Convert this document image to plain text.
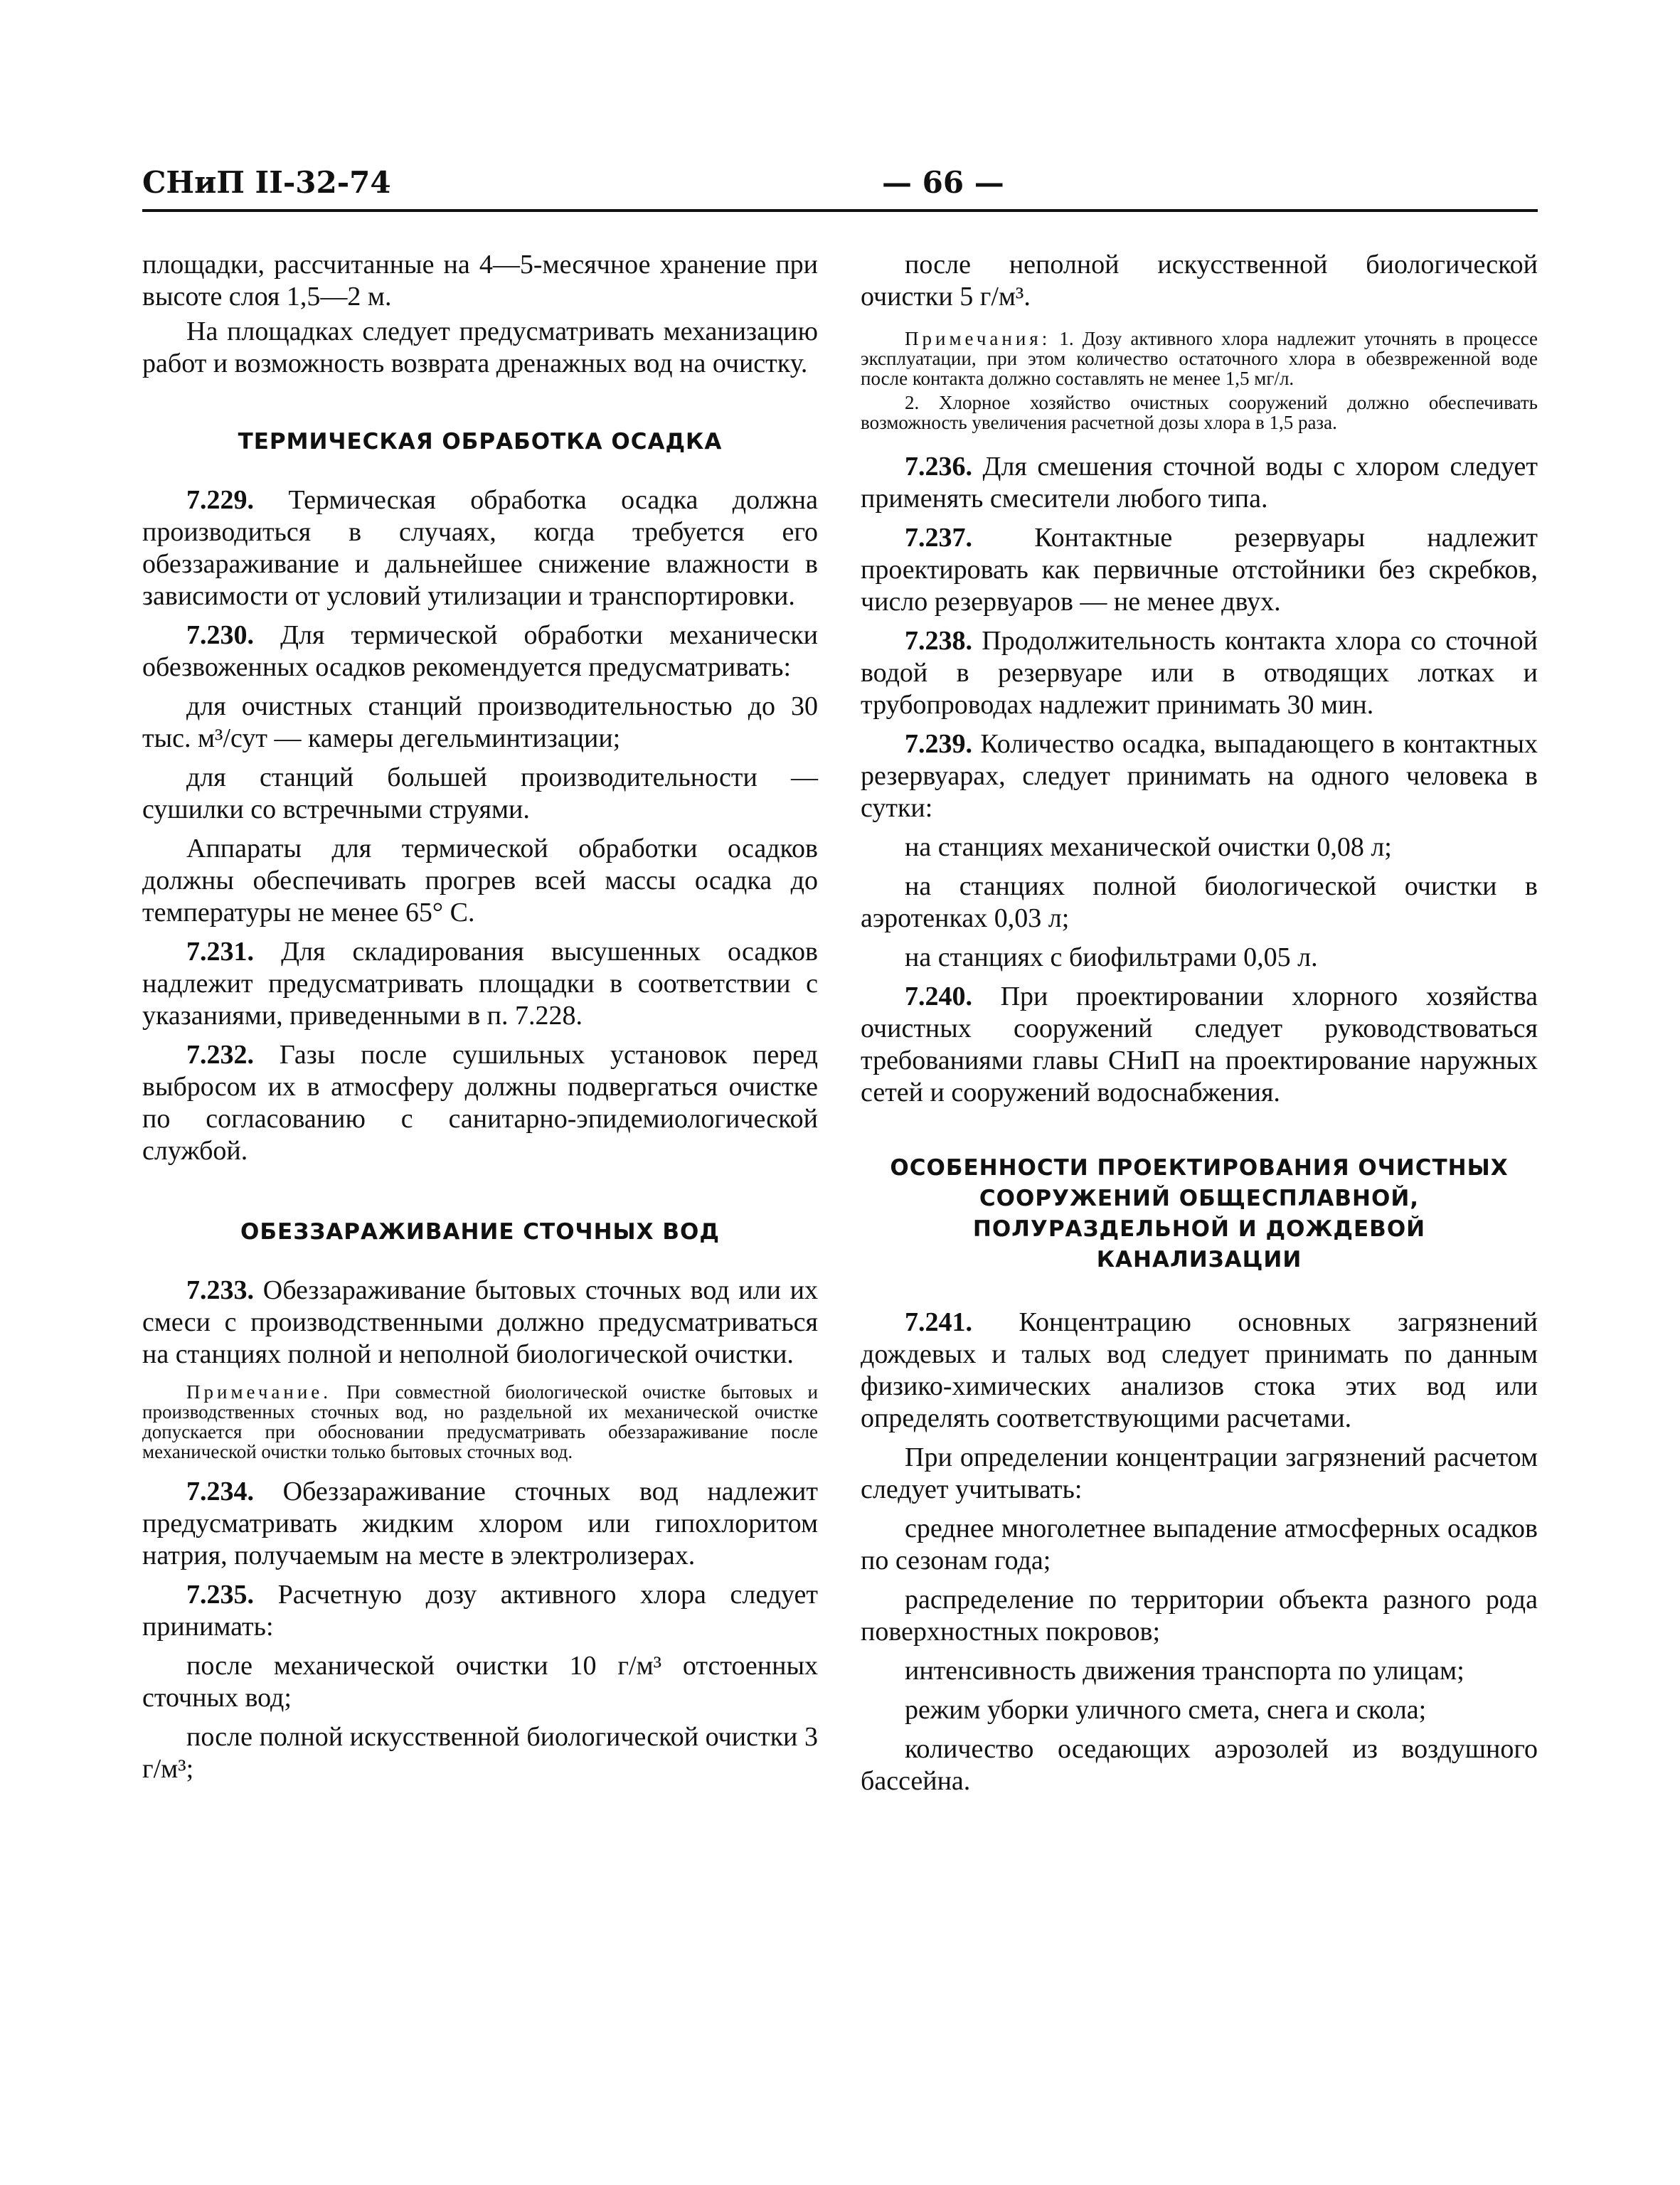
СНиП II-32-74	— 66 —

площадки, рассчитанные на 4—5-месячное хранение при высоте слоя 1,5—2 м.

На площадках следует предусматривать механизацию работ и возможность возврата дренажных вод на очистку.

ТЕРМИЧЕСКАЯ ОБРАБОТКА ОСАДКА

7.229. Термическая обработка осадка должна производиться в случаях, когда требуется его обеззараживание и дальнейшее снижение влажности в зависимости от условий утилизации и транспортировки.

7.230. Для термической обработки механически обезвоженных осадков рекомендуется предусматривать:

для очистных станций производительностью до 30 тыс. м³/сут — камеры дегельминтизации;

для станций большей производительности — сушилки со встречными струями.

Аппараты для термической обработки осадков должны обеспечивать прогрев всей массы осадка до температуры не менее 65° С.

7.231. Для складирования высушенных осадков надлежит предусматривать площадки в соответствии с указаниями, приведенными в п. 7.228.

7.232. Газы после сушильных установок перед выбросом их в атмосферу должны подвергаться очистке по согласованию с санитарно-эпидемиологической службой.

ОБЕЗЗАРАЖИВАНИЕ СТОЧНЫХ ВОД

7.233. Обеззараживание бытовых сточных вод или их смеси с производственными должно предусматриваться на станциях полной и неполной биологической очистки.

Примечание. При совместной биологической очистке бытовых и производственных сточных вод, но раздельной их механической очистке допускается при обосновании предусматривать обеззараживание после механической очистки только бытовых сточных вод.

7.234. Обеззараживание сточных вод надлежит предусматривать жидким хлором или гипохлоритом натрия, получаемым на месте в электролизерах.

7.235. Расчетную дозу активного хлора следует принимать:

после механической очистки 10 г/м³ отстоенных сточных вод;

после полной искусственной биологической очистки 3 г/м³;

после неполной искусственной биологической очистки 5 г/м³.

Примечания: 1. Дозу активного хлора надлежит уточнять в процессе эксплуатации, при этом количество остаточного хлора в обезвреженной воде после контакта должно составлять не менее 1,5 мг/л.

2. Хлорное хозяйство очистных сооружений должно обеспечивать возможность увеличения расчетной дозы хлора в 1,5 раза.

7.236. Для смешения сточной воды с хлором следует применять смесители любого типа.

7.237. Контактные резервуары надлежит проектировать как первичные отстойники без скребков, число резервуаров — не менее двух.

7.238. Продолжительность контакта хлора со сточной водой в резервуаре или в отводящих лотках и трубопроводах надлежит принимать 30 мин.

7.239. Количество осадка, выпадающего в контактных резервуарах, следует принимать на одного человека в сутки:

на станциях механической очистки 0,08 л;

на станциях полной биологической очистки в аэротенках 0,03 л;

на станциях с биофильтрами 0,05 л.

7.240. При проектировании хлорного хозяйства очистных сооружений следует руководствоваться требованиями главы СНиП на проектирование наружных сетей и сооружений водоснабжения.

ОСОБЕННОСТИ ПРОЕКТИРОВАНИЯ ОЧИСТНЫХ
СООРУЖЕНИЙ ОБЩЕСПЛАВНОЙ,
ПОЛУРАЗДЕЛЬНОЙ И ДОЖДЕВОЙ
КАНАЛИЗАЦИИ

7.241. Концентрацию основных загрязнений дождевых и талых вод следует принимать по данным физико-химических анализов стока этих вод или определять соответствующими расчетами.

При определении концентрации загрязнений расчетом следует учитывать:

среднее многолетнее выпадение атмосферных осадков по сезонам года;

распределение по территории объекта разного рода поверхностных покровов;

интенсивность движения транспорта по улицам;

режим уборки уличного смета, снега и скола;

количество оседающих аэрозолей из воздушного бассейна.
